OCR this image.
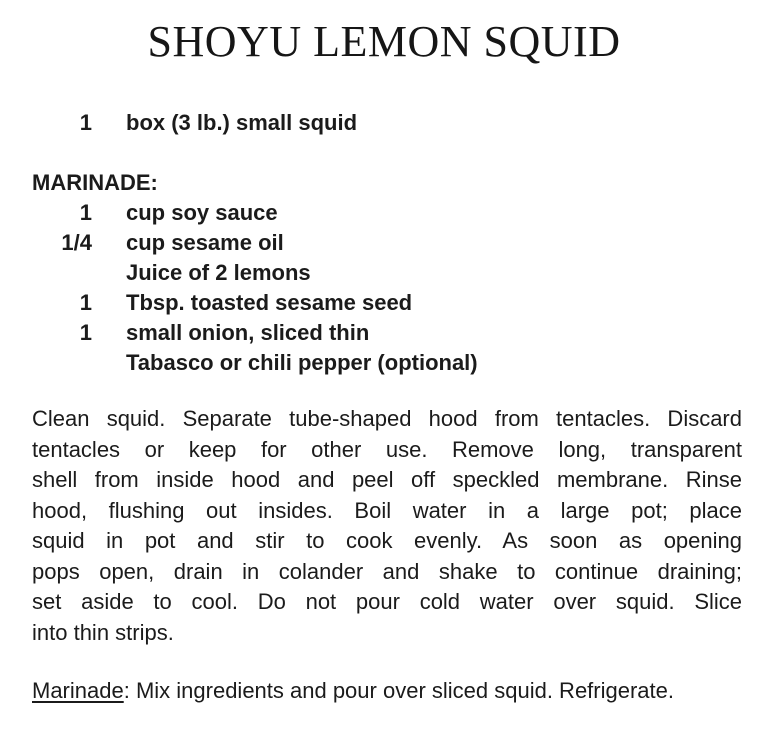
SHOYU LEMON SQUID
1 box (3 lb.) small squid
MARINADE:
1 cup soy sauce
1/4 cup sesame oil
Juice of 2 lemons
1 Tbsp. toasted sesame seed
1 small onion, sliced thin
Tabasco or chili pepper (optional)

Clean squid. Separate tube-shaped hood from tentacles. Discard
tentacles or keep for other use. Remove long, transparent
shell from inside hood and peel off speckled membrane. Rinse
hood, flushing out insides. Boil water in a large pot; place
squid in pot and stir to cook evenly. As soon as opening
pops open, drain in colander and shake to continue draining;
set aside to cool. Do not pour cold water over squid. Slice
into thin strips.

Marinade: Mix ingredients and pour over sliced squid. Refrigerate.
